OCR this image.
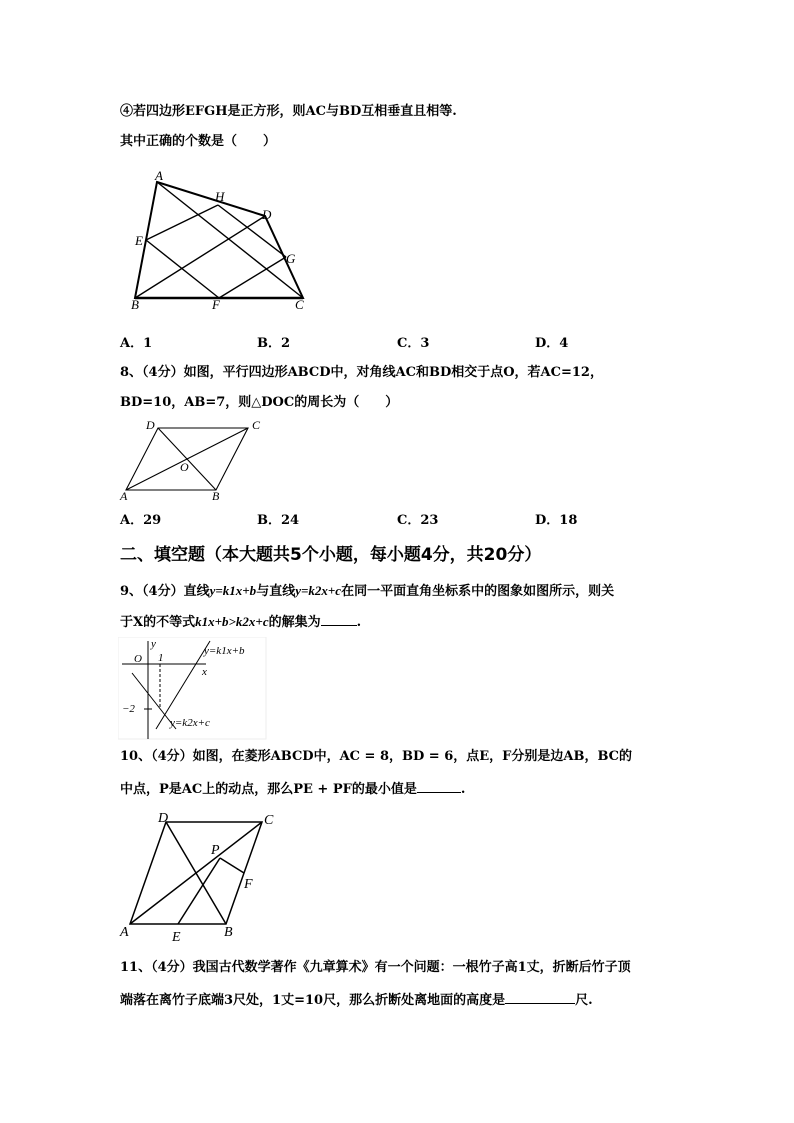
④若四边形EFGH是正方形，则AC与BD互相垂直且相等.
其中正确的个数是（　　）
A
H
D
E
G
B	F	C
A．1	B．2	C．3	D．4
8、（4分）如图，平行四边形ABCD中，对角线AC和BD相交于点O，若AC=12，
BD=10，AB=7，则△DOC的周长为（　　）
D	C
O
A	B
A．29	B．24	C．23	D．18
二、填空题（本大题共5个小题，每小题4分，共20分）
9、（4分）直线y=k1x+b与直线y=k2x+c在同一平面直角坐标系中的图象如图所示，则关
于X的不等式k1x+b>k2x+c的解集为	.
O 1
y
x
−2
y=k1x+b
y=k2x+c
10、（4分）如图，在菱形ABCD中，AC = 8，BD = 6，点E，F分别是边AB，BC的
中点，P是AC上的动点，那么PE + PF的最小值是	.
D	C
P
F
A	E	B
11、（4分）我国古代数学著作《九章算术》有一个问题：一根竹子高1丈，折断后竹子顶
端落在离竹子底端3尺处，1丈=10尺，那么折断处离地面的高度是	尺.
